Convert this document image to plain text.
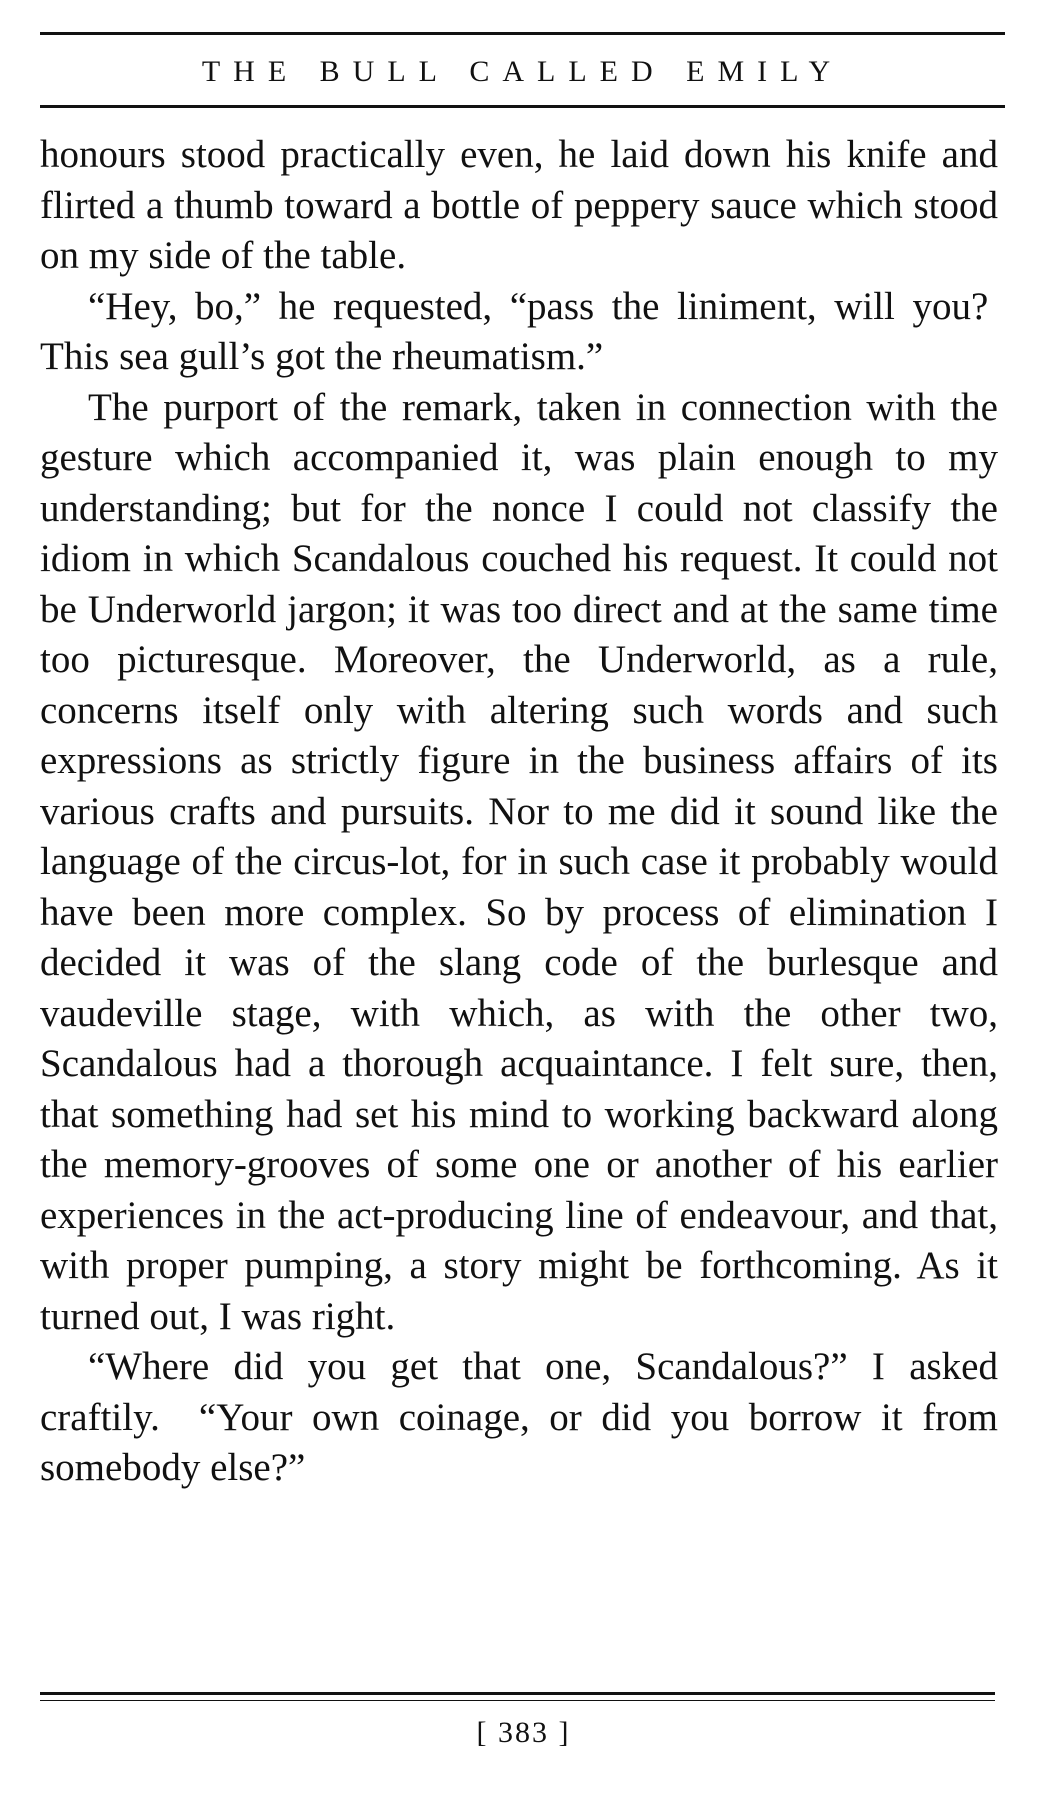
THE BULL CALLED EMILY

honours stood practically even, he laid down his knife and flirted a thumb toward a bottle of peppery sauce which stood on my side of the table.

“Hey, bo,” he requested, “pass the liniment, will you?  This sea gull’s got the rheumatism.”

The purport of the remark, taken in connection with the gesture which accompanied it, was plain enough to my understanding; but for the nonce I could not classify the idiom in which Scandalous couched his request. It could not be Underworld jargon; it was too direct and at the same time too picturesque. Moreover, the Underworld, as a rule, concerns itself only with altering such words and such expressions as strictly figure in the business affairs of its various crafts and pursuits. Nor to me did it sound like the language of the circus-lot, for in such case it probably would have been more complex. So by process of elimination I decided it was of the slang code of the burlesque and vaudeville stage, with which, as with the other two, Scandalous had a thorough acquaintance. I felt sure, then, that something had set his mind to working backward along the memory-grooves of some one or another of his earlier experiences in the act-producing line of endeavour, and that, with proper pumping, a story might be forthcoming. As it turned out, I was right.

“Where did you get that one, Scandalous?” I asked craftily.  “Your own coinage, or did you borrow it from somebody else?”

[ 383 ]
